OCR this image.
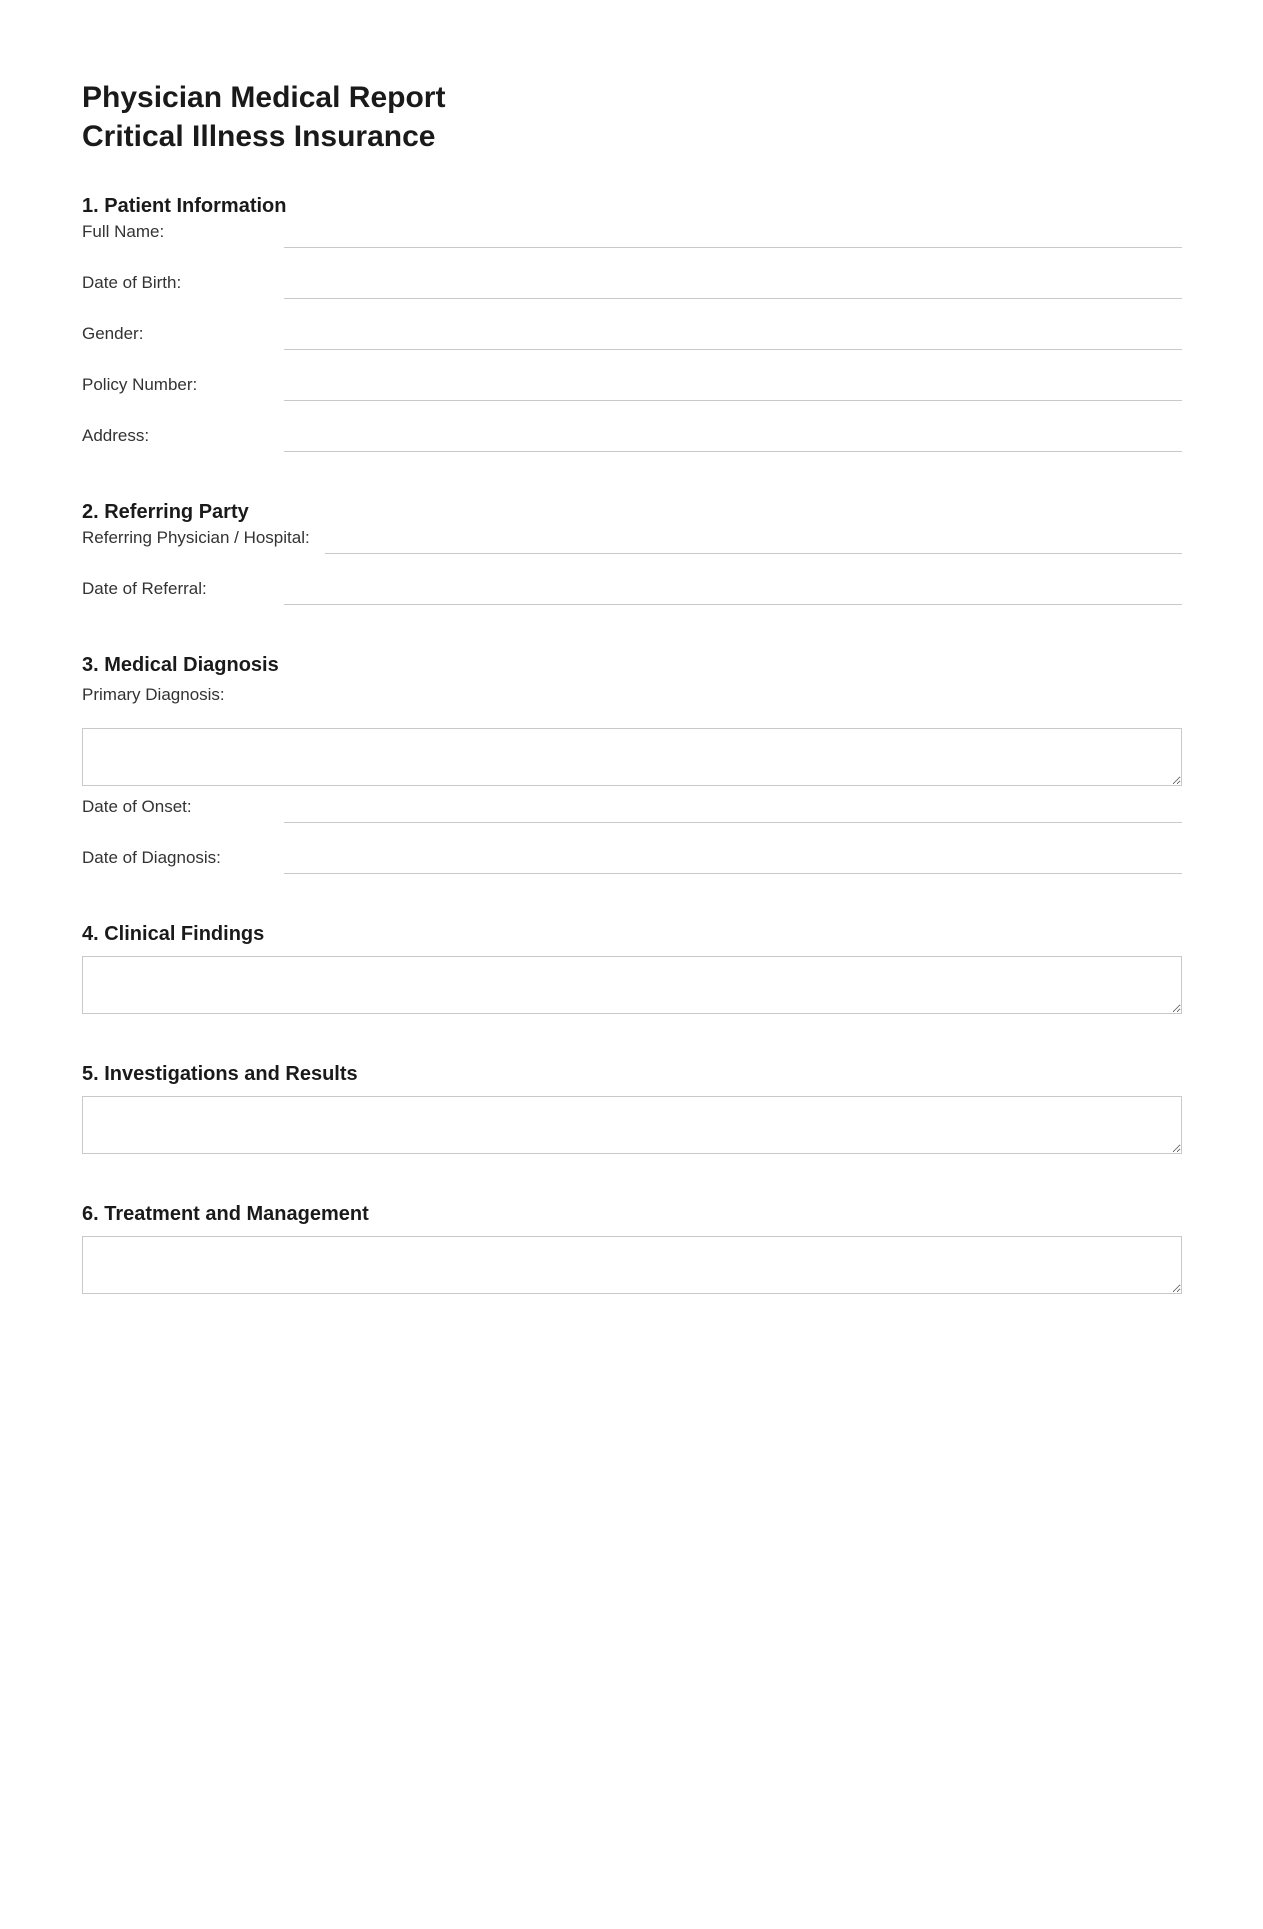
Physician Medical Report
Critical Illness Insurance
1. Patient Information
Full Name:
Date of Birth:
Gender:
Policy Number:
Address:
2. Referring Party
Referring Physician / Hospital:
Date of Referral:
3. Medical Diagnosis
Primary Diagnosis:
Date of Onset:
Date of Diagnosis:
4. Clinical Findings
5. Investigations and Results
6. Treatment and Management
